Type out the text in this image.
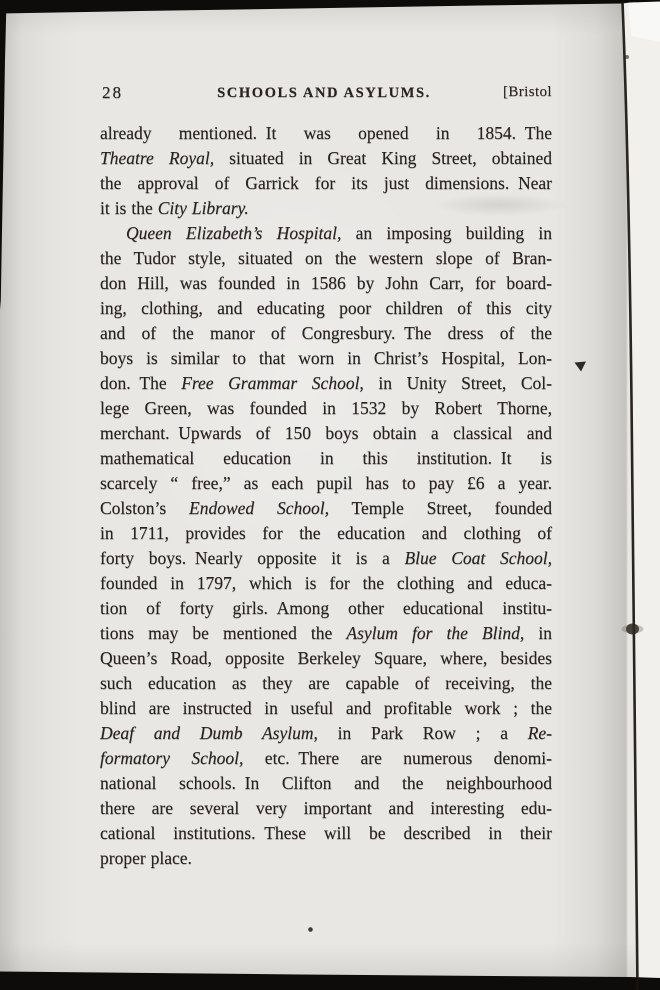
28	SCHOOLS AND ASYLUMS.	[Bristol
already mentioned. It was opened in 1854. The
Theatre Royal, situated in Great King Street, obtained
the approval of Garrick for its just dimensions. Near
it is the City Library.
Queen Elizabeth’s Hospital, an imposing building in
the Tudor style, situated on the western slope of Bran-
don Hill, was founded in 1586 by John Carr, for board-
ing, clothing, and educating poor children of this city
and of the manor of Congresbury. The dress of the
boys is similar to that worn in Christ’s Hospital, Lon-
don. The Free Grammar School, in Unity Street, Col-
lege Green, was founded in 1532 by Robert Thorne,
merchant. Upwards of 150 boys obtain a classical and
mathematical education in this institution. It is
scarcely “ free,” as each pupil has to pay £6 a year.
Colston’s Endowed School, Temple Street, founded
in 1711, provides for the education and clothing of
forty boys. Nearly opposite it is a Blue Coat School,
founded in 1797, which is for the clothing and educa-
tion of forty girls. Among other educational institu-
tions may be mentioned the Asylum for the Blind, in
Queen’s Road, opposite Berkeley Square, where, besides
such education as they are capable of receiving, the
blind are instructed in useful and profitable work ; the
Deaf and Dumb Asylum, in Park Row ; a Re-
formatory School, etc. There are numerous denomi-
national schools. In Clifton and the neighbourhood
there are several very important and interesting edu-
cational institutions. These will be described in their
proper place.
